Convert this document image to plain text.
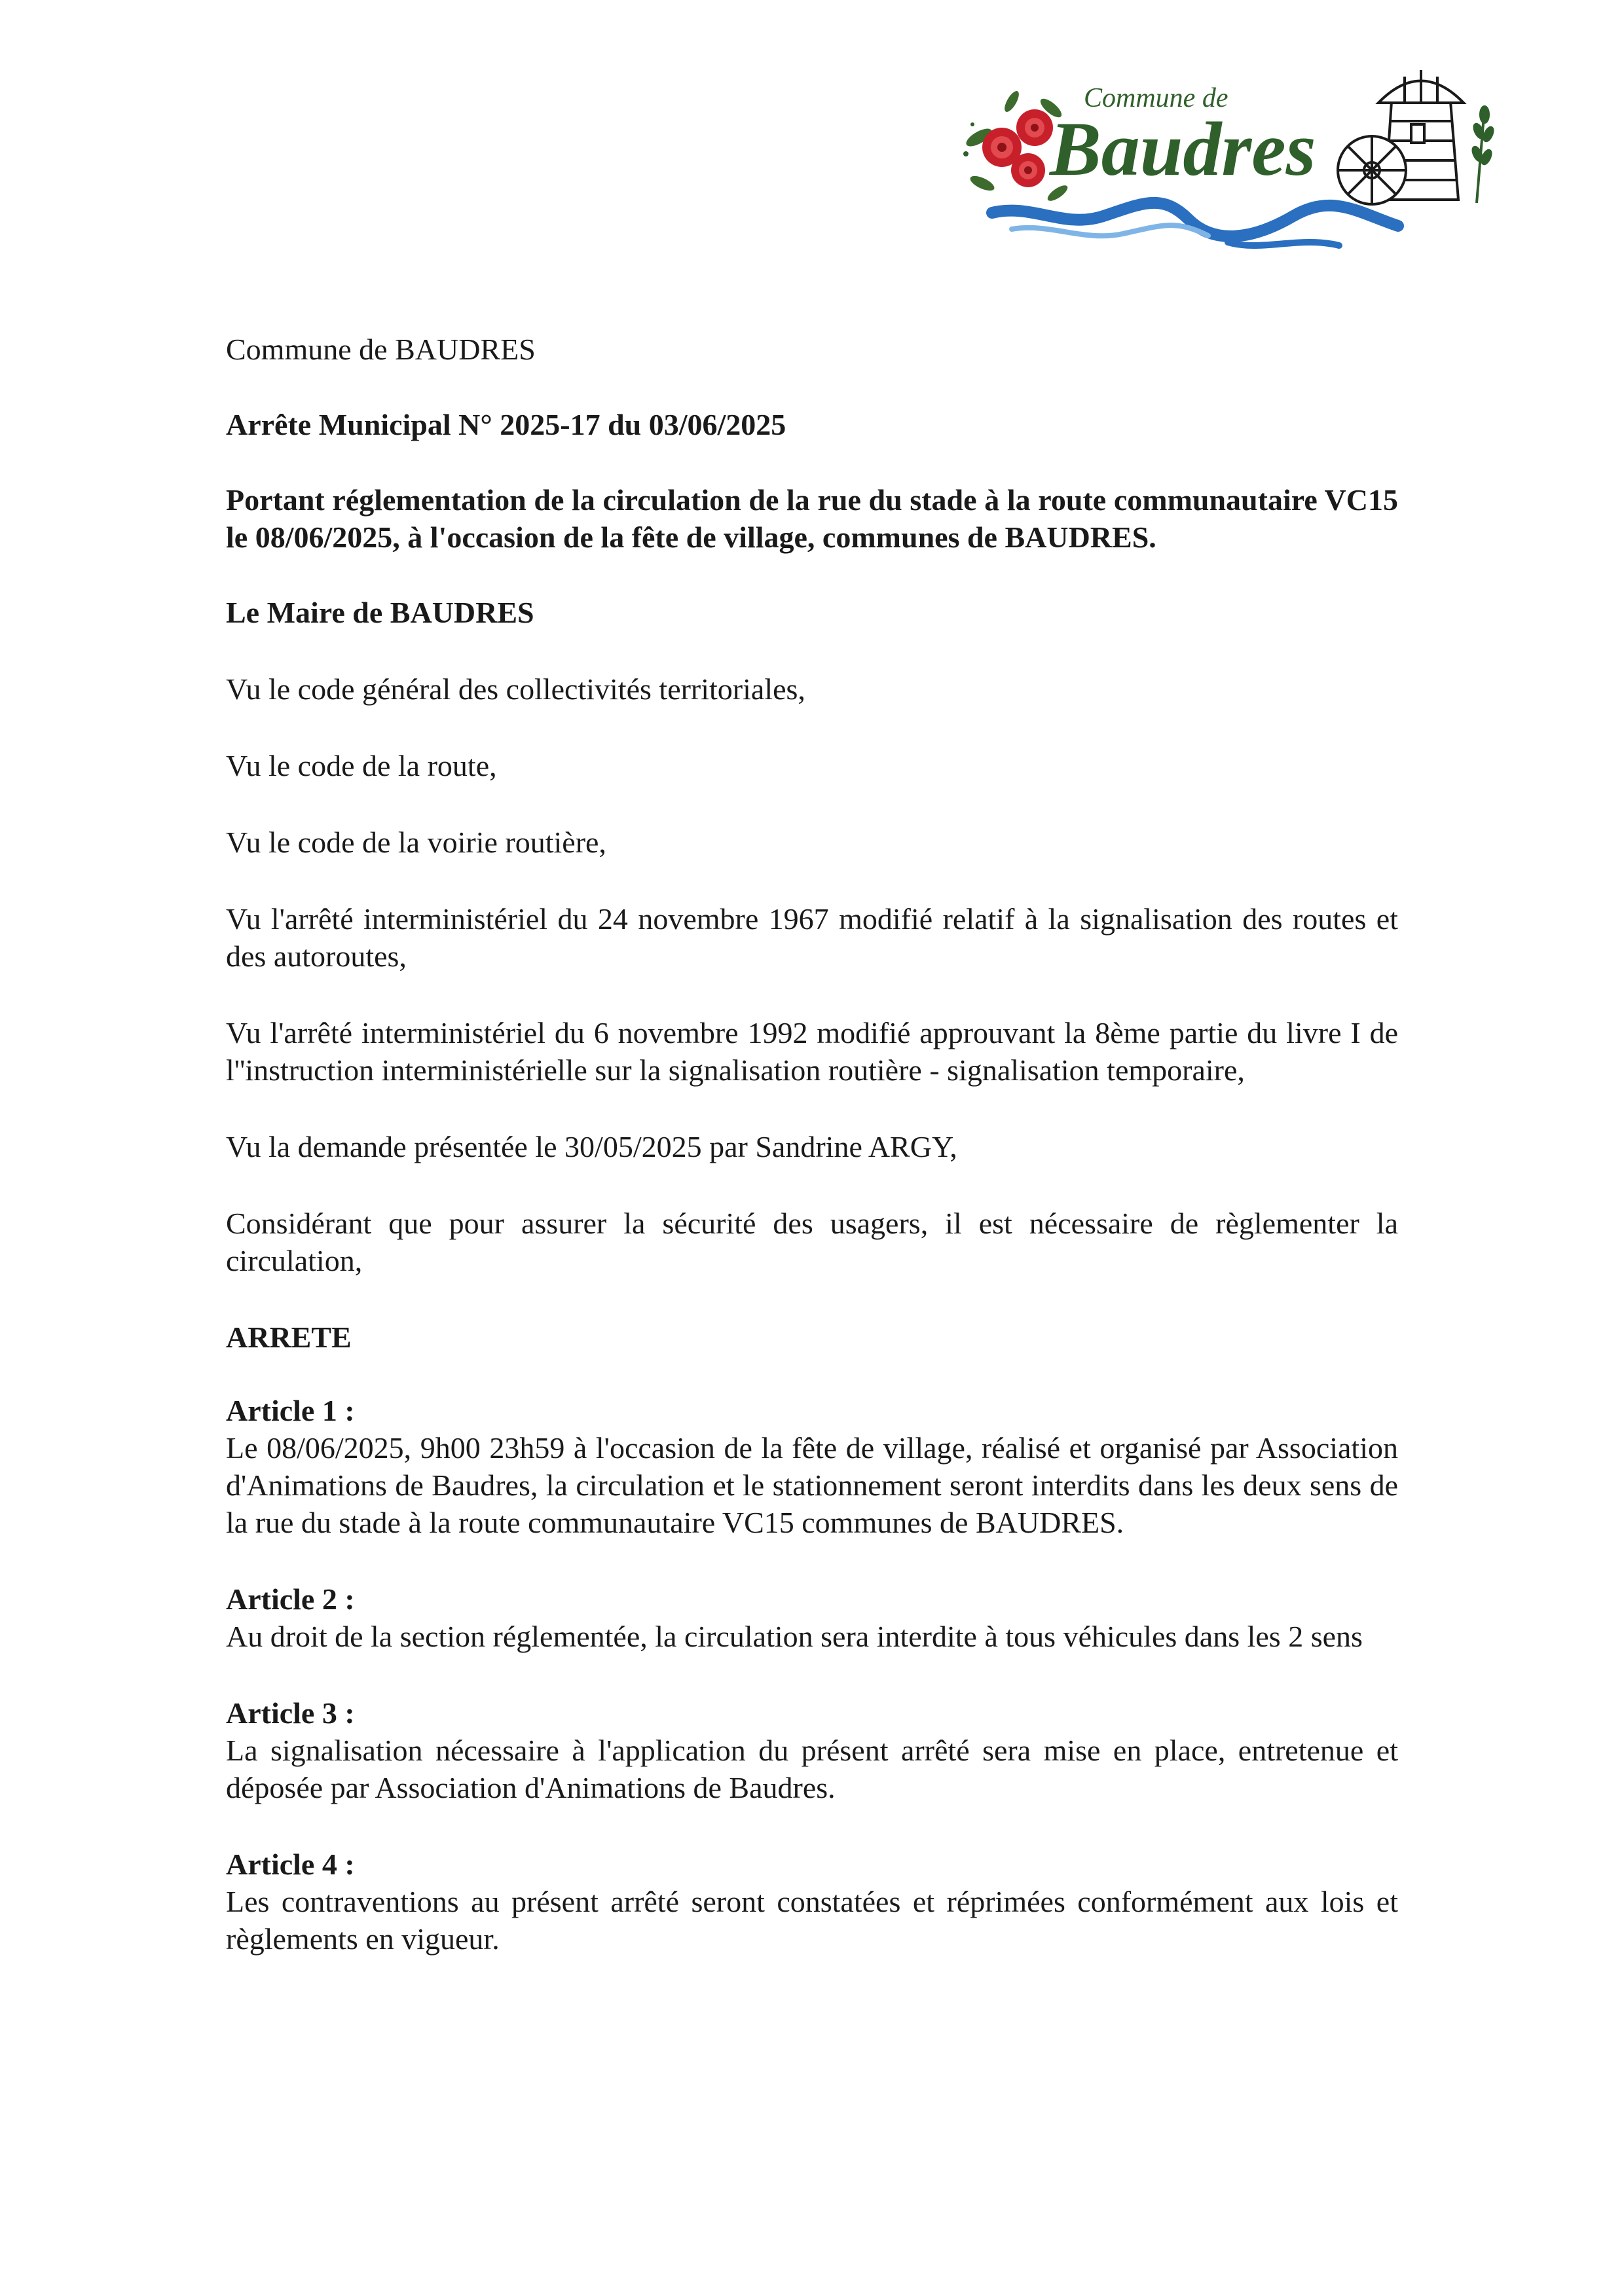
Commune de
Baudres

Commune de BAUDRES

Arrête Municipal N° 2025-17 du 03/06/2025

Portant réglementation de la circulation de la rue du stade à la route communautaire VC15 le 08/06/2025, à l'occasion de la fête de village, communes de BAUDRES.

Le Maire de BAUDRES

Vu le code général des collectivités territoriales,

Vu le code de la route,

Vu le code de la voirie routière,

Vu l'arrêté interministériel du 24 novembre 1967 modifié relatif à la signalisation des routes et des autoroutes,

Vu l'arrêté interministériel du 6 novembre 1992 modifié approuvant la 8ème partie du livre I de l''instruction interministérielle sur la signalisation routière - signalisation temporaire,

Vu la demande présentée le 30/05/2025 par Sandrine ARGY,

Considérant que pour assurer la sécurité des usagers, il est nécessaire de règlementer la circulation,

ARRETE

Article 1 :

Le 08/06/2025, 9h00 23h59 à l'occasion de la fête de village, réalisé et organisé par Association d'Animations de Baudres, la circulation et le stationnement seront interdits dans les deux sens de la rue du stade à la route communautaire VC15 communes de BAUDRES.

Article 2 :

Au droit de la section réglementée, la circulation sera interdite à tous véhicules dans les 2 sens

Article 3 :

La signalisation nécessaire à l'application du présent arrêté sera mise en place, entretenue et déposée par Association d'Animations de Baudres.

Article 4 :

Les contraventions au présent arrêté seront constatées et réprimées conformément aux lois et règlements en vigueur.
